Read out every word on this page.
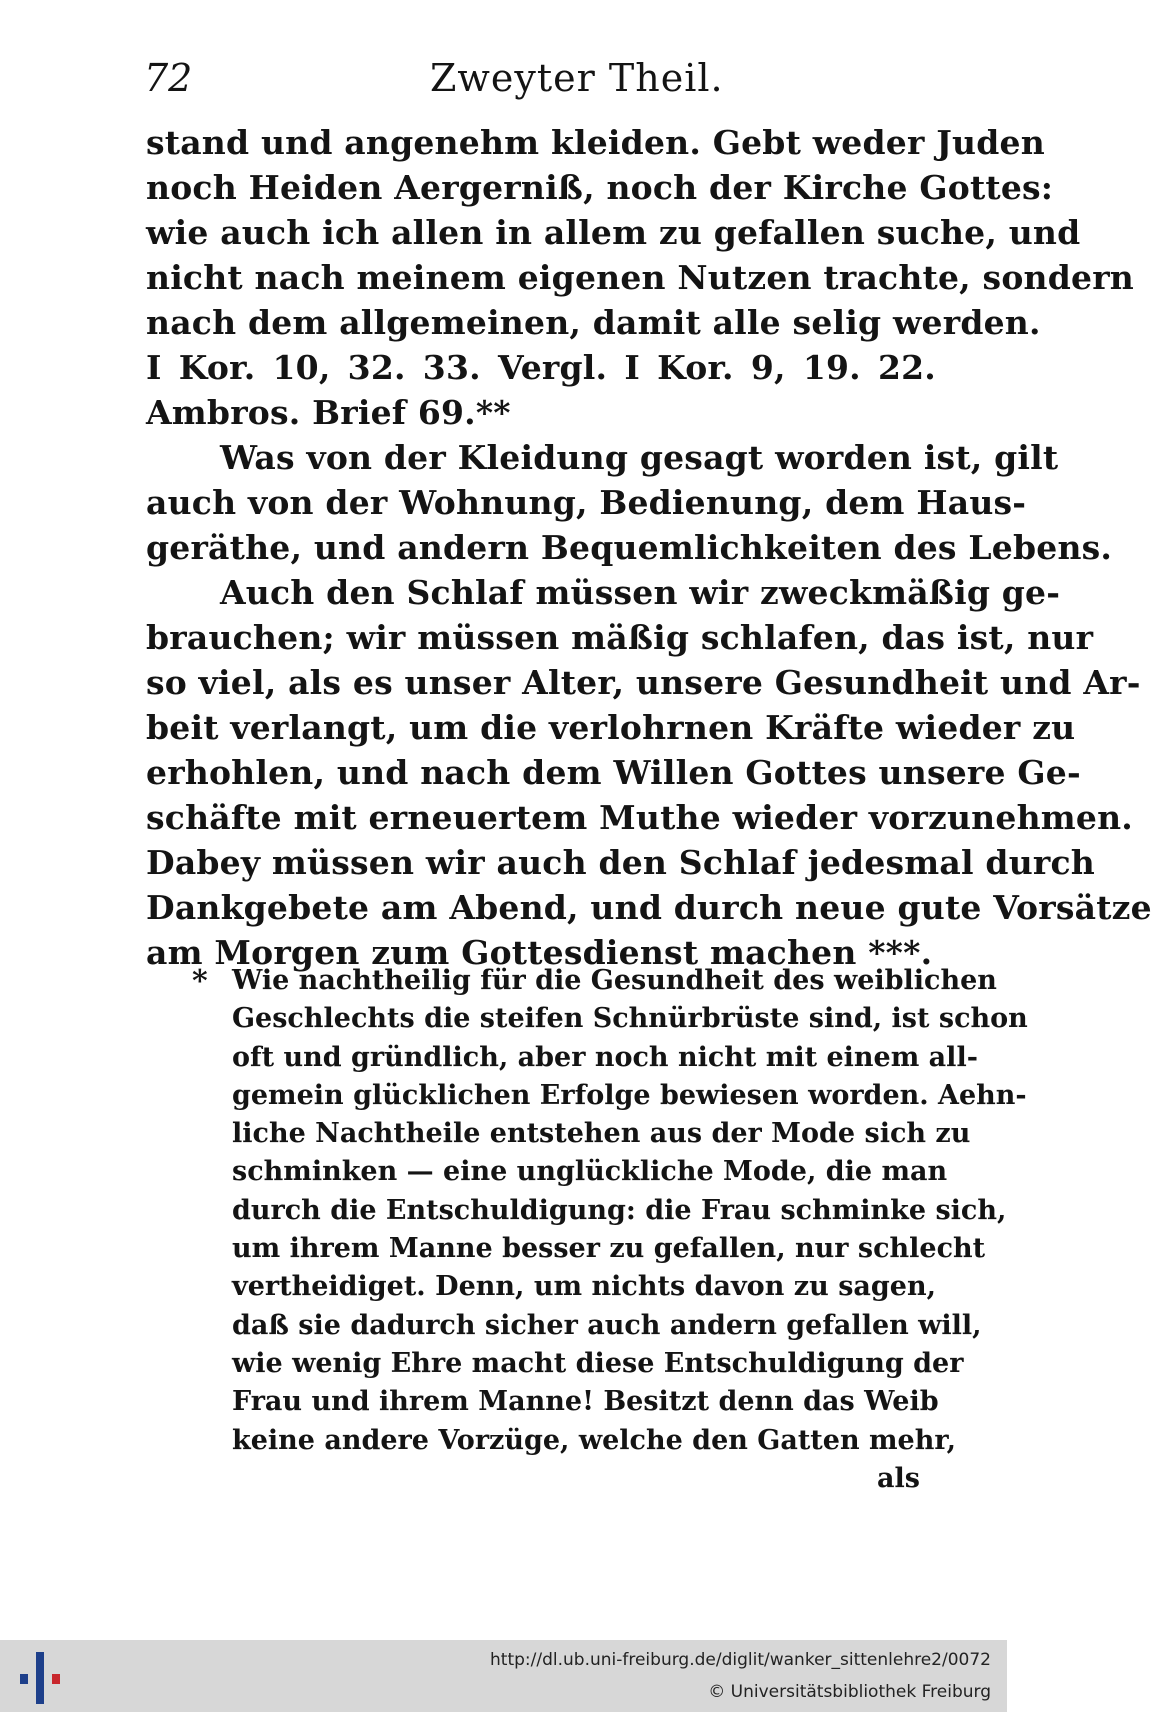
72	Zweyter Theil.
stand und angenehm kleiden. Gebt weder Juden
noch Heiden Aergerniß, noch der Kirche Gottes:
wie auch ich allen in allem zu gefallen suche, und
nicht nach meinem eigenen Nutzen trachte, sondern
nach dem allgemeinen, damit alle selig werden.
I Kor. 10, 32. 33. Vergl. I Kor. 9, 19. 22.
Ambros. Brief 69.**
Was von der Kleidung gesagt worden ist, gilt
auch von der Wohnung, Bedienung, dem Haus-
geräthe, und andern Bequemlichkeiten des Lebens.
Auch den Schlaf müssen wir zweckmäßig ge-
brauchen; wir müssen mäßig schlafen, das ist, nur
so viel, als es unser Alter, unsere Gesundheit und Ar-
beit verlangt, um die verlohrnen Kräfte wieder zu
erhohlen, und nach dem Willen Gottes unsere Ge-
schäfte mit erneuertem Muthe wieder vorzunehmen.
Dabey müssen wir auch den Schlaf jedesmal durch
Dankgebete am Abend, und durch neue gute Vorsätze
am Morgen zum Gottesdienst machen ***.
* Wie nachtheilig für die Gesundheit des weiblichen
Geschlechts die steifen Schnürbrüste sind, ist schon
oft und gründlich, aber noch nicht mit einem all-
gemein glücklichen Erfolge bewiesen worden. Aehn-
liche Nachtheile entstehen aus der Mode sich zu
schminken — eine unglückliche Mode, die man
durch die Entschuldigung: die Frau schminke sich,
um ihrem Manne besser zu gefallen, nur schlecht
vertheidiget. Denn, um nichts davon zu sagen,
daß sie dadurch sicher auch andern gefallen will,
wie wenig Ehre macht diese Entschuldigung der
Frau und ihrem Manne! Besitzt denn das Weib
keine andere Vorzüge, welche den Gatten mehr,
als
http://dl.ub.uni-freiburg.de/diglit/wanker_sittenlehre2/0072
© Universitätsbibliothek Freiburg
